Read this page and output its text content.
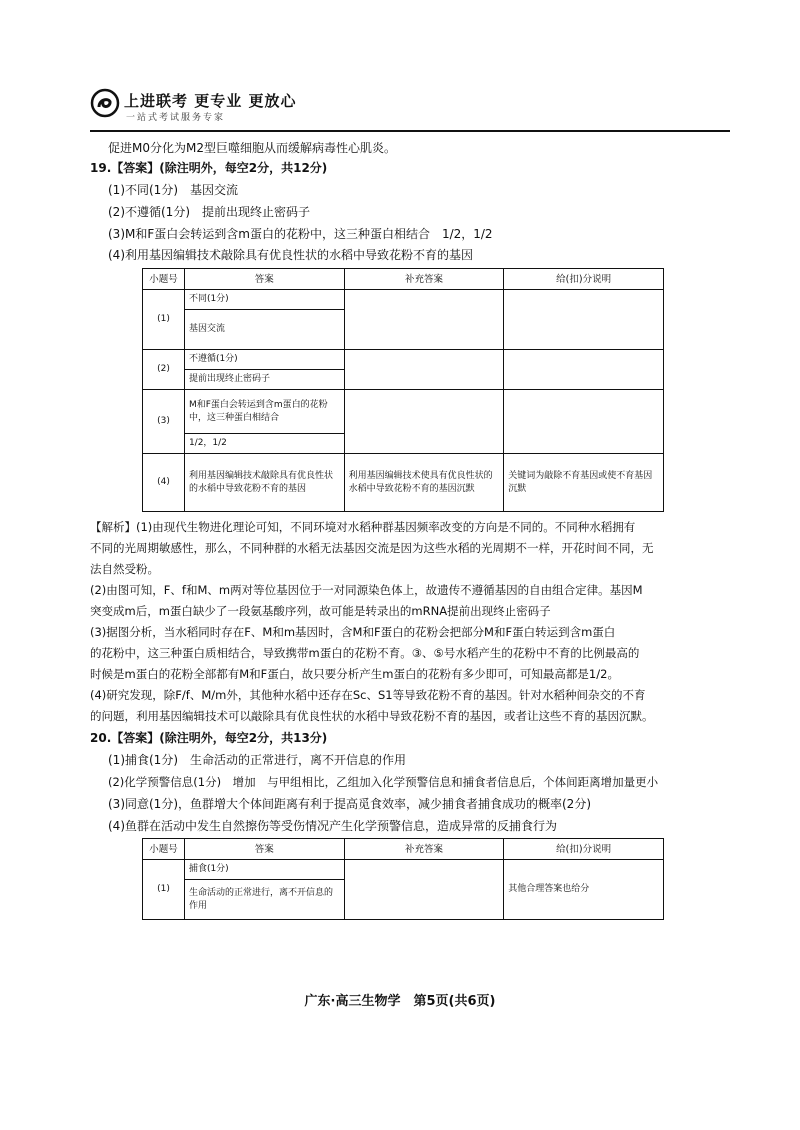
上进联考 更专业 更放心
一站式考试服务专家
促进M0分化为M2型巨噬细胞从而缓解病毒性心肌炎。
19.【答案】(除注明外，每空2分，共12分)
(1)不同(1分)　基因交流
(2)不遵循(1分)　提前出现终止密码子
(3)M和F蛋白会转运到含m蛋白的花粉中，这三种蛋白相结合　1/2，1/2
(4)利用基因编辑技术敲除具有优良性状的水稻中导致花粉不育的基因
小题号	答案	补充答案	给(扣)分说明
(1)	不同(1分)		
	基因交流		
(2)	不遵循(1分)		
	提前出现终止密码子		
(3)	M和F蛋白会转运到含m蛋白的花粉中，这三种蛋白相结合		
	1/2，1/2		
(4)	利用基因编辑技术敲除具有优良性状的水稻中导致花粉不育的基因	利用基因编辑技术使具有优良性状的水稻中导致花粉不育的基因沉默	关键词为敲除不育基因或使不育基因沉默
【解析】(1)由现代生物进化理论可知，不同环境对水稻种群基因频率改变的方向是不同的。不同种水稻拥有
不同的光周期敏感性，那么，不同种群的水稻无法基因交流是因为这些水稻的光周期不一样，开花时间不同，无
法自然受粉。
(2)由图可知，F、f和M、m两对等位基因位于一对同源染色体上，故遗传不遵循基因的自由组合定律。基因M
突变成m后，m蛋白缺少了一段氨基酸序列，故可能是转录出的mRNA提前出现终止密码子
(3)据图分析，当水稻同时存在F、M和m基因时，含M和F蛋白的花粉会把部分M和F蛋白转运到含m蛋白
的花粉中，这三种蛋白质相结合，导致携带m蛋白的花粉不育。③、⑤号水稻产生的花粉中不育的比例最高的
时候是m蛋白的花粉全部都有M和F蛋白，故只要分析产生m蛋白的花粉有多少即可，可知最高都是1/2。
(4)研究发现，除F/f、M/m外，其他种水稻中还存在Sc、S1等导致花粉不育的基因。针对水稻种间杂交的不育
的问题，利用基因编辑技术可以敲除具有优良性状的水稻中导致花粉不育的基因，或者让这些不育的基因沉默。
20.【答案】(除注明外，每空2分，共13分)
(1)捕食(1分)　生命活动的正常进行，离不开信息的作用
(2)化学预警信息(1分)　增加　与甲组相比，乙组加入化学预警信息和捕食者信息后，个体间距离增加量更小
(3)同意(1分)，鱼群增大个体间距离有利于提高觅食效率，减少捕食者捕食成功的概率(2分)
(4)鱼群在活动中发生自然擦伤等受伤情况产生化学预警信息，造成异常的反捕食行为
小题号	答案	补充答案	给(扣)分说明
(1)	捕食(1分)		其他合理答案也给分
	生命活动的正常进行，离不开信息的作用		
广东·高三生物学　第5页(共6页)
